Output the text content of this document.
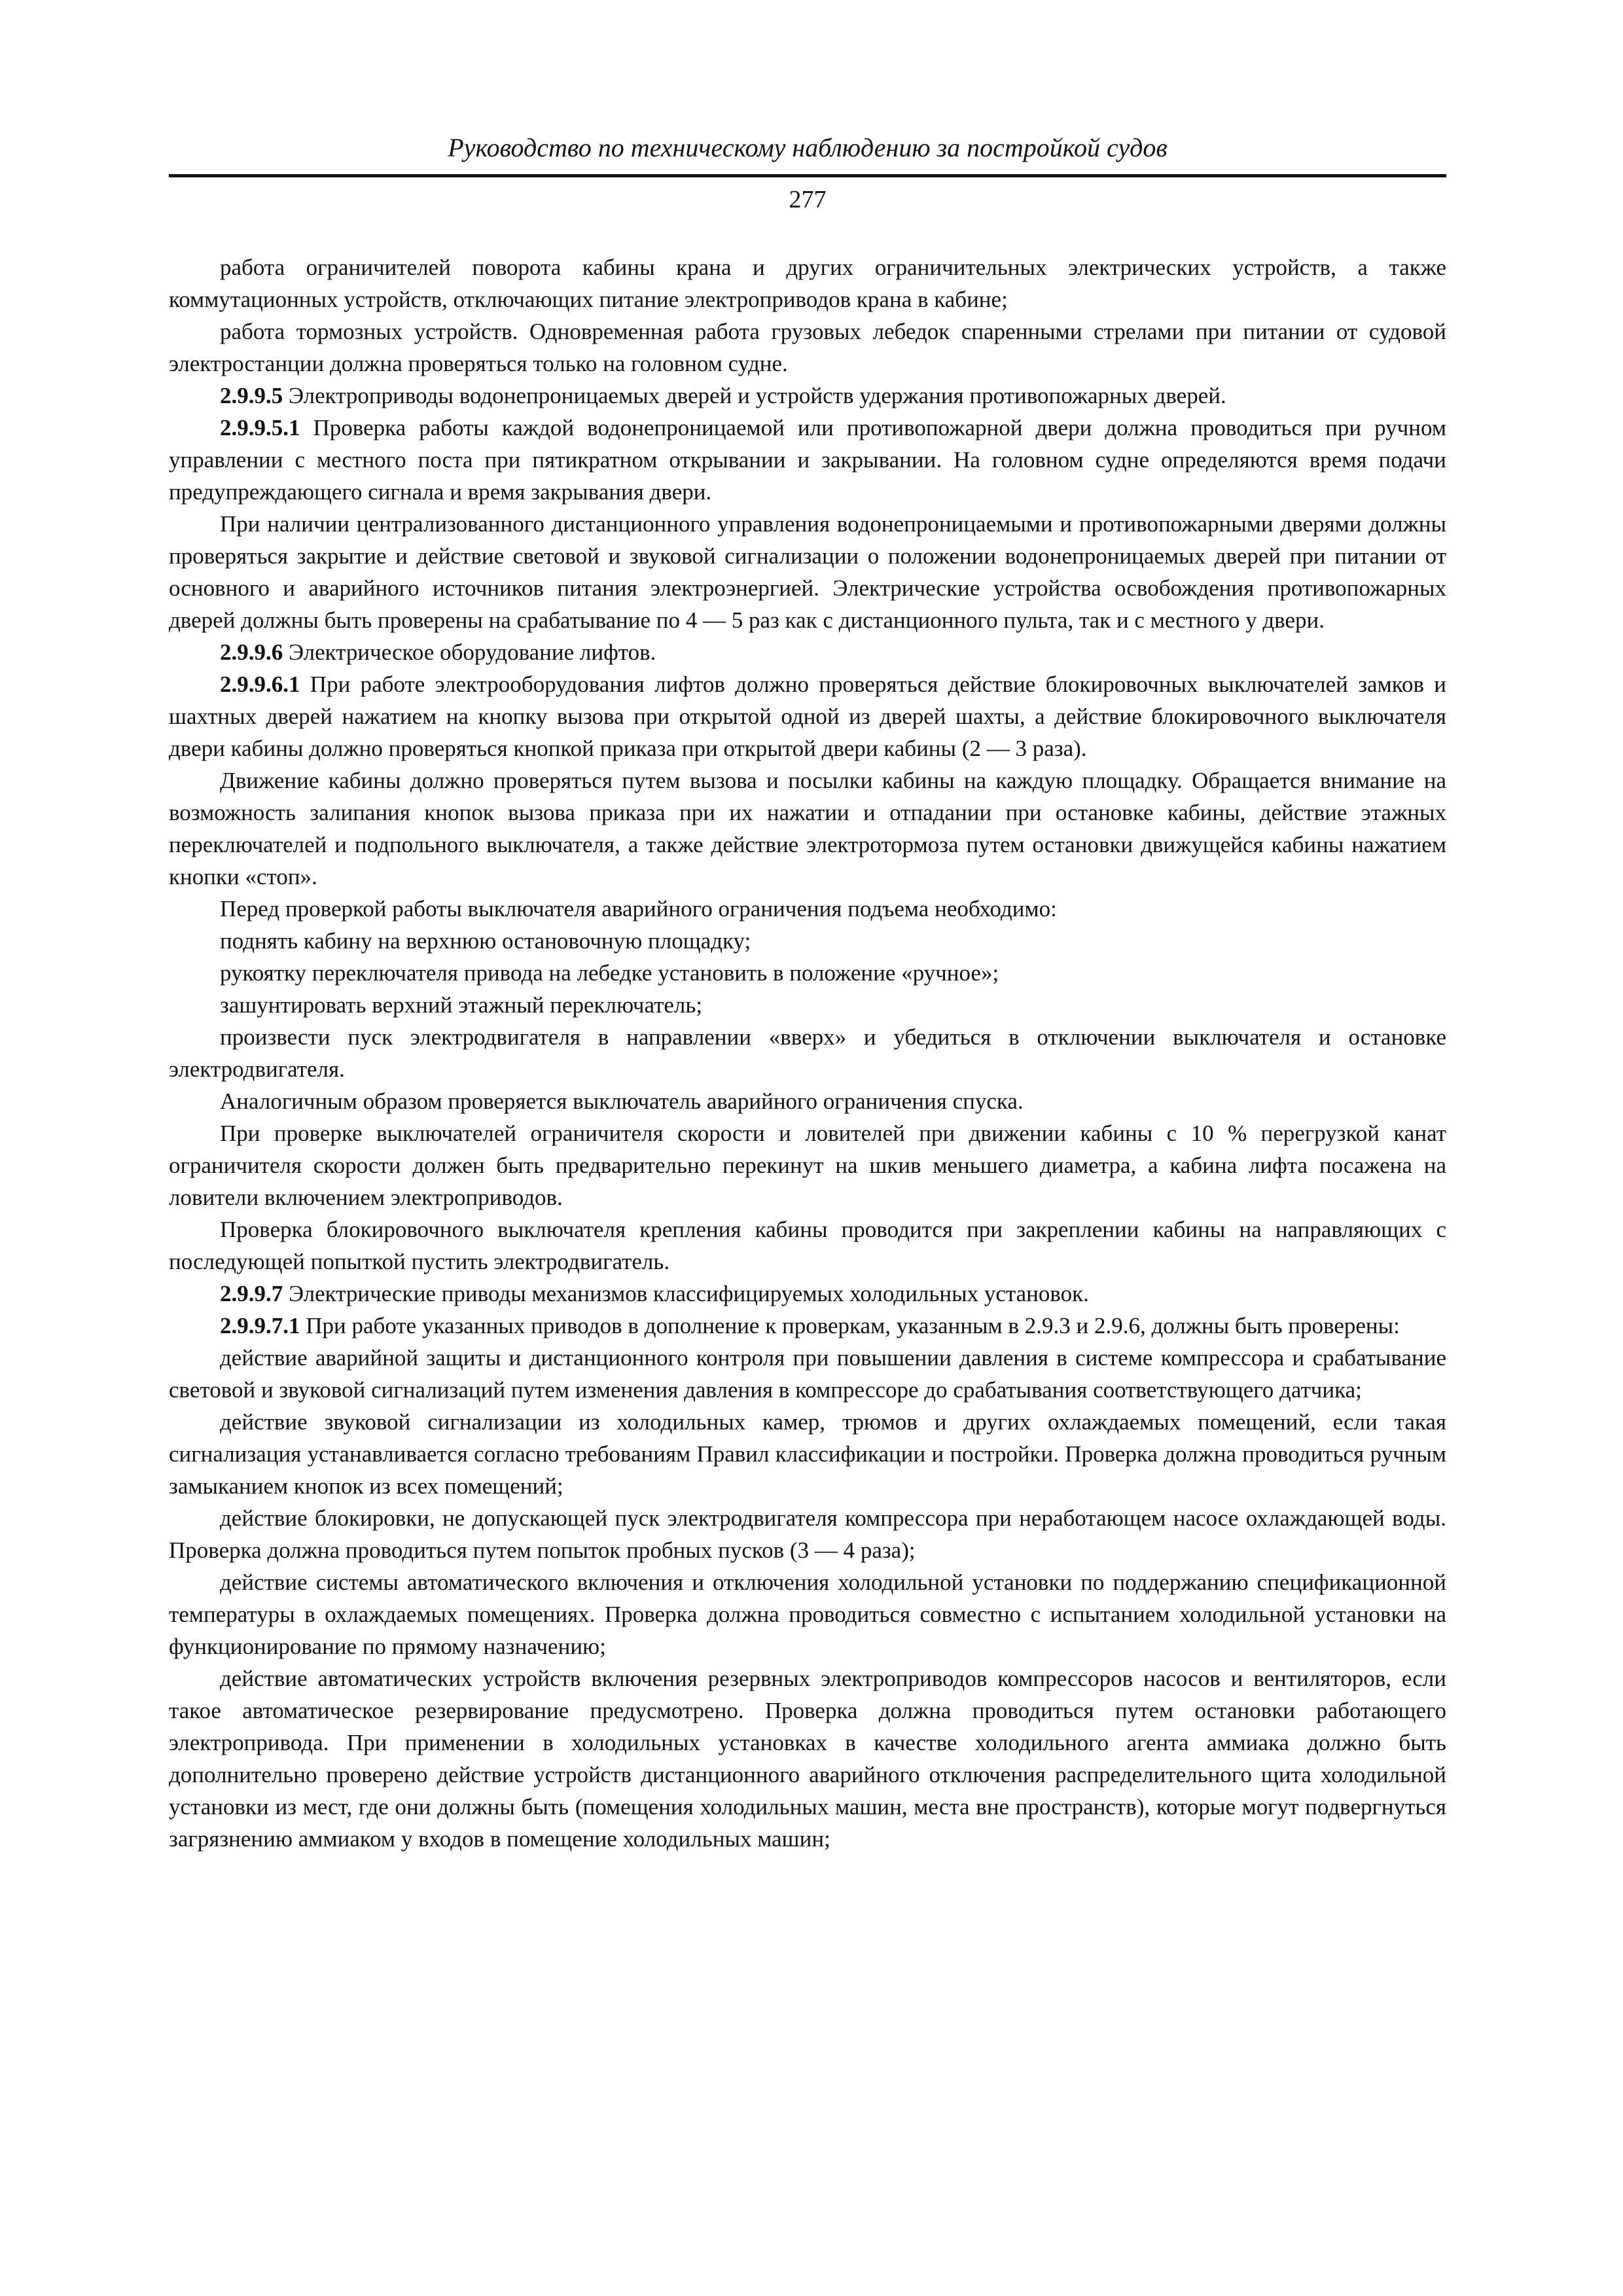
Руководство по техническому наблюдению за постройкой судов
277

работа ограничителей поворота кабины крана и других ограничительных электрических устройств, а также коммутационных устройств, отключающих питание электроприводов крана в кабине;

работа тормозных устройств. Одновременная работа грузовых лебедок спаренными стрелами при питании от судовой электростанции должна проверяться только на головном судне.

2.9.9.5 Электроприводы водонепроницаемых дверей и устройств удержания противопожарных дверей.

2.9.9.5.1 Проверка работы каждой водонепроницаемой или противопожарной двери должна проводиться при ручном управлении с местного поста при пятикратном открывании и закрывании. На головном судне определяются время подачи предупреждающего сигнала и время закрывания двери.

При наличии централизованного дистанционного управления водонепроницаемыми и противопожарными дверями должны проверяться закрытие и действие световой и звуковой сигнализации о положении водонепроницаемых дверей при питании от основного и аварийного источников питания электроэнергией. Электрические устройства освобождения противопожарных дверей должны быть проверены на срабатывание по 4 — 5 раз как с дистанционного пульта, так и с местного у двери.

2.9.9.6 Электрическое оборудование лифтов.

2.9.9.6.1 При работе электрооборудования лифтов должно проверяться действие блокировочных выключателей замков и шахтных дверей нажатием на кнопку вызова при открытой одной из дверей шахты, а действие блокировочного выключателя двери кабины должно проверяться кнопкой приказа при открытой двери кабины (2 — 3 раза).

Движение кабины должно проверяться путем вызова и посылки кабины на каждую площадку. Обращается внимание на возможность залипания кнопок вызова приказа при их нажатии и отпадании при остановке кабины, действие этажных переключателей и подпольного выключателя, а также действие электротормоза путем остановки движущейся кабины нажатием кнопки «стоп».

Перед проверкой работы выключателя аварийного ограничения подъема необходимо:

поднять кабину на верхнюю остановочную площадку;

рукоятку переключателя привода на лебедке установить в положение «ручное»;

зашунтировать верхний этажный переключатель;

произвести пуск электродвигателя в направлении «вверх» и убедиться в отключении выключателя и остановке электродвигателя.

Аналогичным образом проверяется выключатель аварийного ограничения спуска.

При проверке выключателей ограничителя скорости и ловителей при движении кабины с 10 % перегрузкой канат ограничителя скорости должен быть предварительно перекинут на шкив меньшего диаметра, а кабина лифта посажена на ловители включением электроприводов.

Проверка блокировочного выключателя крепления кабины проводится при закреплении кабины на направляющих с последующей попыткой пустить электродвигатель.

2.9.9.7 Электрические приводы механизмов классифицируемых холодильных установок.

2.9.9.7.1 При работе указанных приводов в дополнение к проверкам, указанным в 2.9.3 и 2.9.6, должны быть проверены:

действие аварийной защиты и дистанционного контроля при повышении давления в системе компрессора и срабатывание световой и звуковой сигнализаций путем изменения давления в компрессоре до срабатывания соответствующего датчика;

действие звуковой сигнализации из холодильных камер, трюмов и других охлаждаемых помещений, если такая сигнализация устанавливается согласно требованиям Правил классификации и постройки. Проверка должна проводиться ручным замыканием кнопок из всех помещений;

действие блокировки, не допускающей пуск электродвигателя компрессора при неработающем насосе охлаждающей воды. Проверка должна проводиться путем попыток пробных пусков (3 — 4 раза);

действие системы автоматического включения и отключения холодильной установки по поддержанию спецификационной температуры в охлаждаемых помещениях. Проверка должна проводиться совместно с испытанием холодильной установки на функционирование по прямому назначению;

действие автоматических устройств включения резервных электроприводов компрессоров насосов и вентиляторов, если такое автоматическое резервирование предусмотрено. Проверка должна проводиться путем остановки работающего электропривода. При применении в холодильных установках в качестве холодильного агента аммиака должно быть дополнительно проверено действие устройств дистанционного аварийного отключения распределительного щита холодильной установки из мест, где они должны быть (помещения холодильных машин, места вне пространств), которые могут подвергнуться загрязнению аммиаком у входов в помещение холодильных машин;
